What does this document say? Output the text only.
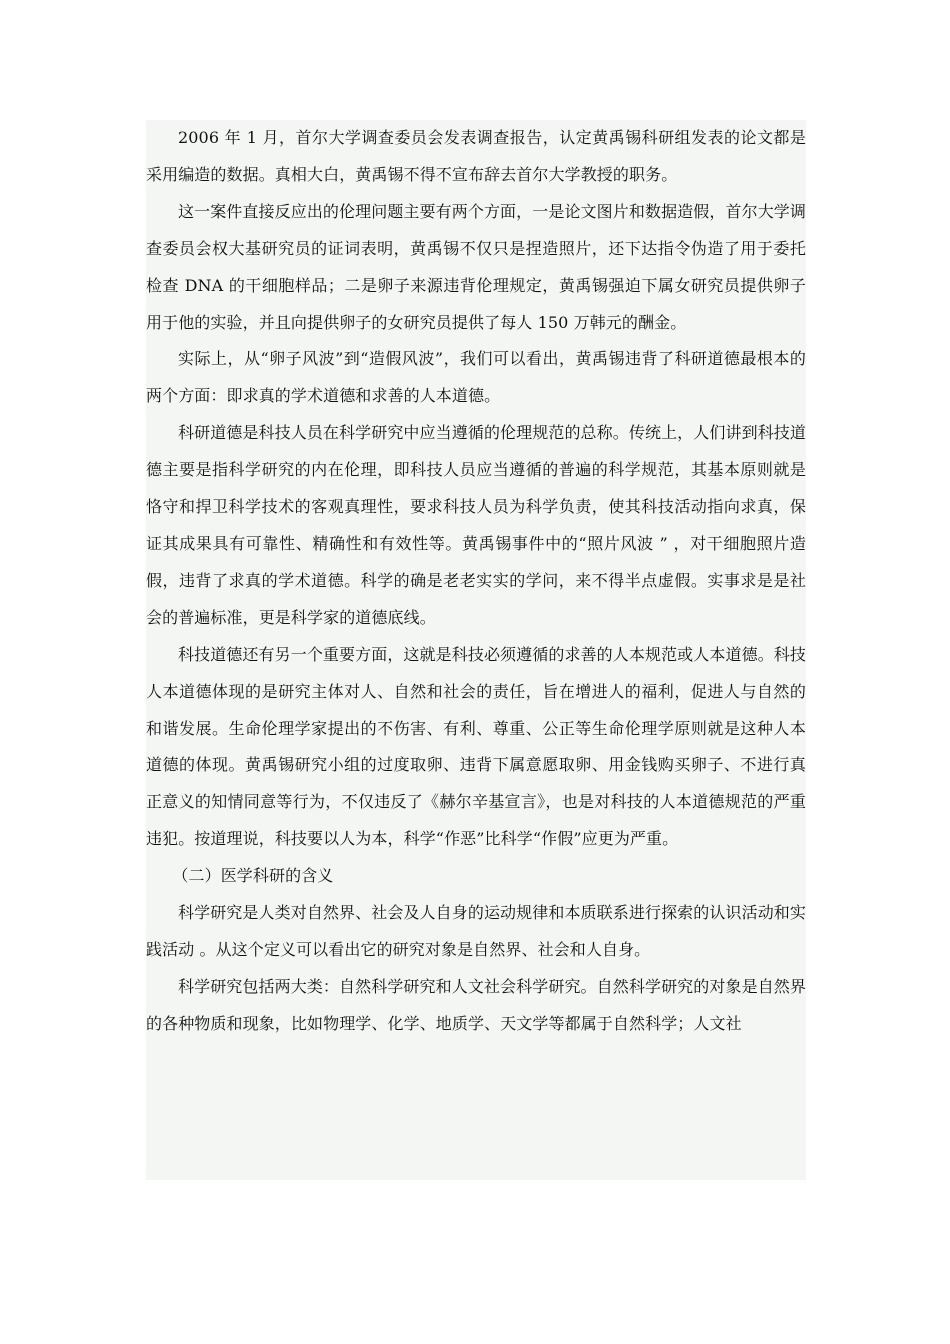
2006 年 1 月，首尔大学调查委员会发表调查报告，认定黄禹锡科研组发表的论文都是采用编造的数据。真相大白，黄禹锡不得不宣布辞去首尔大学教授的职务。

这一案件直接反应出的伦理问题主要有两个方面，一是论文图片和数据造假，首尔大学调查委员会权大基研究员的证词表明，黄禹锡不仅只是捏造照片，还下达指令伪造了用于委托检查 DNA 的干细胞样品；二是卵子来源违背伦理规定，黄禹锡强迫下属女研究员提供卵子用于他的实验，并且向提供卵子的女研究员提供了每人 150 万韩元的酬金。

实际上，从“卵子风波”到“造假风波”，我们可以看出，黄禹锡违背了科研道德最根本的两个方面：即求真的学术道德和求善的人本道德。

科研道德是科技人员在科学研究中应当遵循的伦理规范的总称。传统上，人们讲到科技道德主要是指科学研究的内在伦理，即科技人员应当遵循的普遍的科学规范，其基本原则就是恪守和捍卫科学技术的客观真理性，要求科技人员为科学负责，使其科技活动指向求真，保证其成果具有可靠性、精确性和有效性等。黄禹锡事件中的“照片风波 ” ，对干细胞照片造假，违背了求真的学术道德。科学的确是老老实实的学问，来不得半点虚假。实事求是是社会的普遍标准，更是科学家的道德底线。

科技道德还有另一个重要方面，这就是科技必须遵循的求善的人本规范或人本道德。科技人本道德体现的是研究主体对人、自然和社会的责任，旨在增进人的福利，促进人与自然的和谐发展。生命伦理学家提出的不伤害、有利、尊重、公正等生命伦理学原则就是这种人本道德的体现。黄禹锡研究小组的过度取卵、违背下属意愿取卵、用金钱购买卵子、不进行真正意义的知情同意等行为，不仅违反了《赫尔辛基宣言》，也是对科技的人本道德规范的严重违犯。按道理说，科技要以人为本，科学“作恶”比科学“作假”应更为严重。

（二）医学科研的含义

科学研究是人类对自然界、社会及人自身的运动规律和本质联系进行探索的认识活动和实践活动 。从这个定义可以看出它的研究对象是自然界、社会和人自身。

科学研究包括两大类：自然科学研究和人文社会科学研究。自然科学研究的对象是自然界的各种物质和现象，比如物理学、化学、地质学、天文学等都属于自然科学；人文社
